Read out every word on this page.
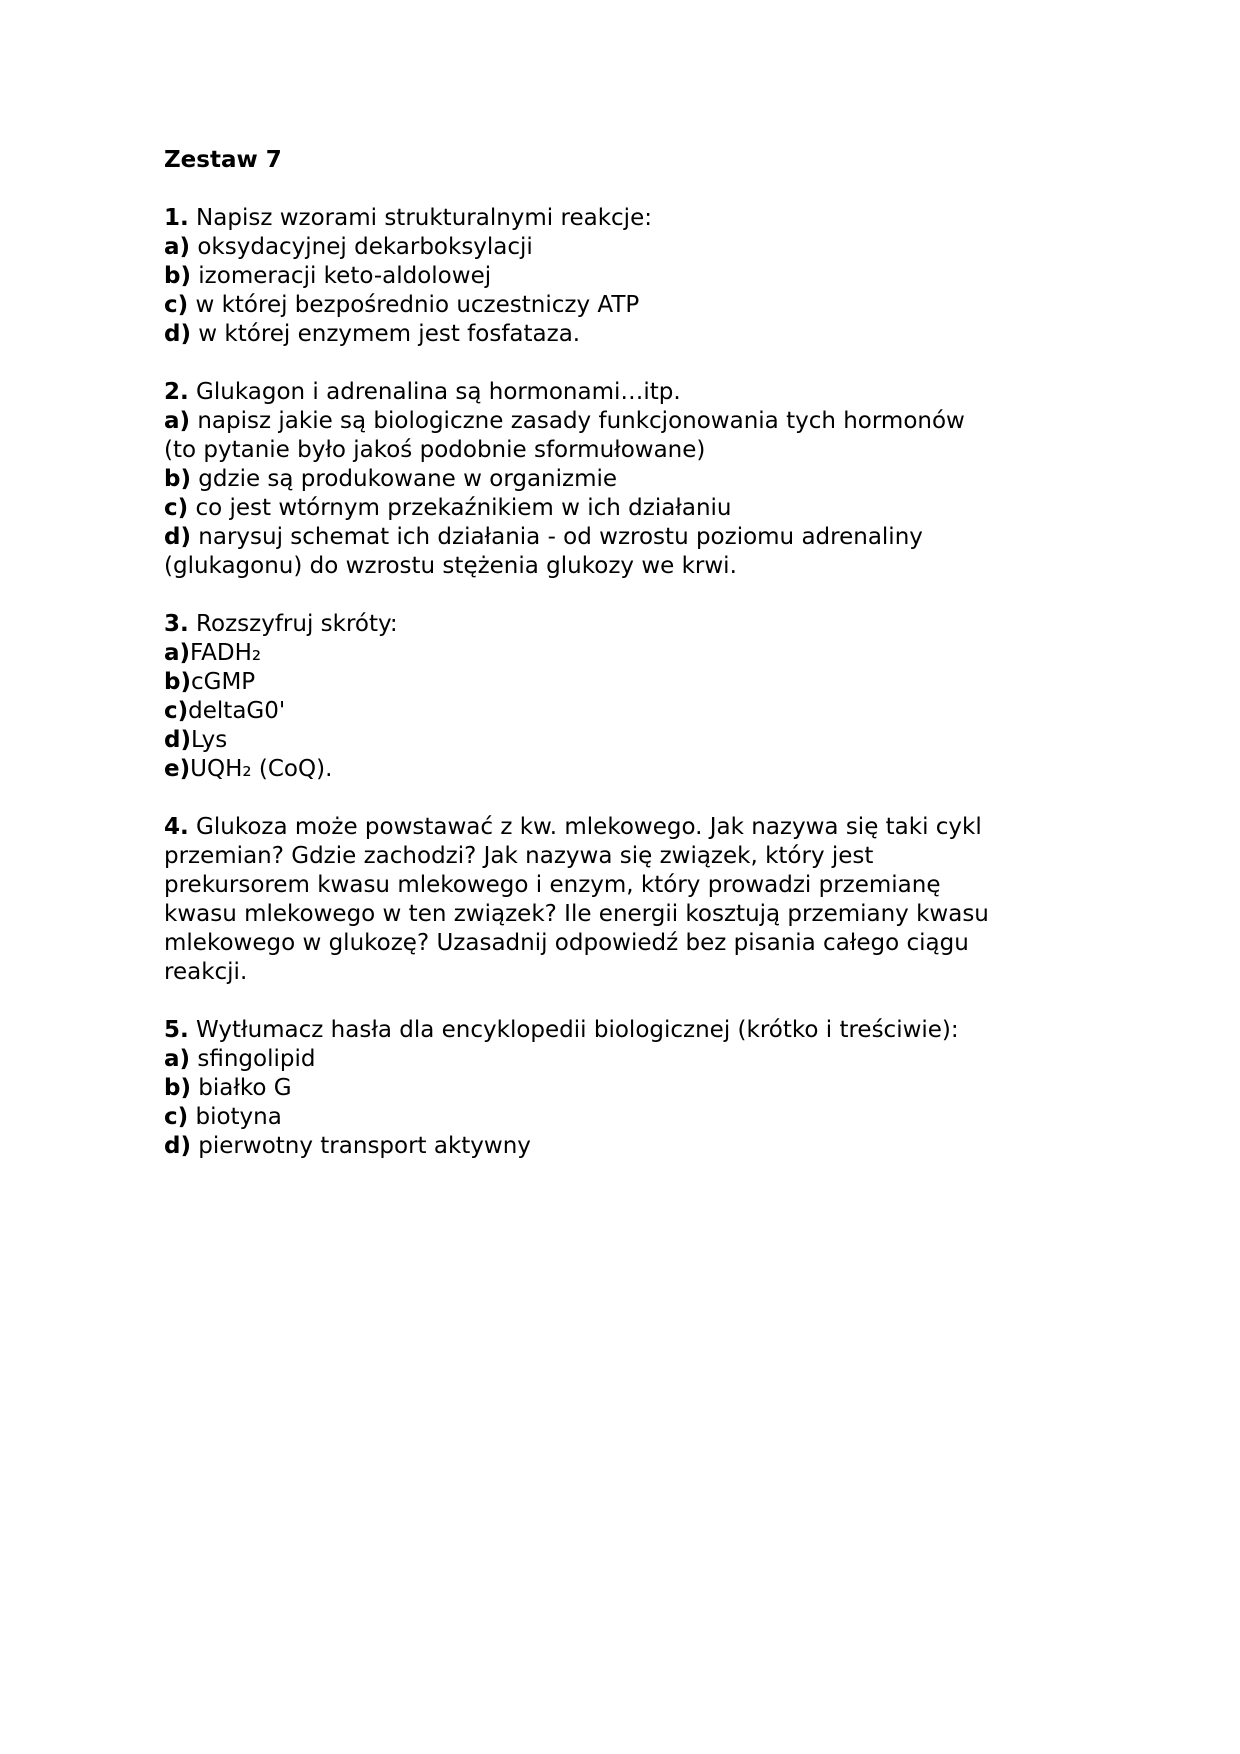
Zestaw 7
1. Napisz wzorami strukturalnymi reakcje:
a) oksydacyjnej dekarboksylacji
b) izomeracji keto-aldolowej
c) w której bezpośrednio uczestniczy ATP
d) w której enzymem jest fosfataza.
2. Glukagon i adrenalina są hormonami…itp.
a) napisz jakie są biologiczne zasady funkcjonowania tych hormonów
(to pytanie było jakoś podobnie sformułowane)
b) gdzie są produkowane w organizmie
c) co jest wtórnym przekaźnikiem w ich działaniu
d) narysuj schemat ich działania - od wzrostu poziomu adrenaliny
(glukagonu) do wzrostu stężenia glukozy we krwi.
3. Rozszyfruj skróty:
a)FADH₂
b)cGMP
c)deltaG0'
d)Lys
e)UQH₂ (CoQ).
4. Glukoza może powstawać z kw. mlekowego. Jak nazywa się taki cykl
przemian? Gdzie zachodzi? Jak nazywa się związek, który jest
prekursorem kwasu mlekowego i enzym, który prowadzi przemianę
kwasu mlekowego w ten związek? Ile energii kosztują przemiany kwasu
mlekowego w glukozę? Uzasadnij odpowiedź bez pisania całego ciągu
reakcji.
5. Wytłumacz hasła dla encyklopedii biologicznej (krótko i treściwie):
a) sfingolipid
b) białko G
c) biotyna
d) pierwotny transport aktywny
